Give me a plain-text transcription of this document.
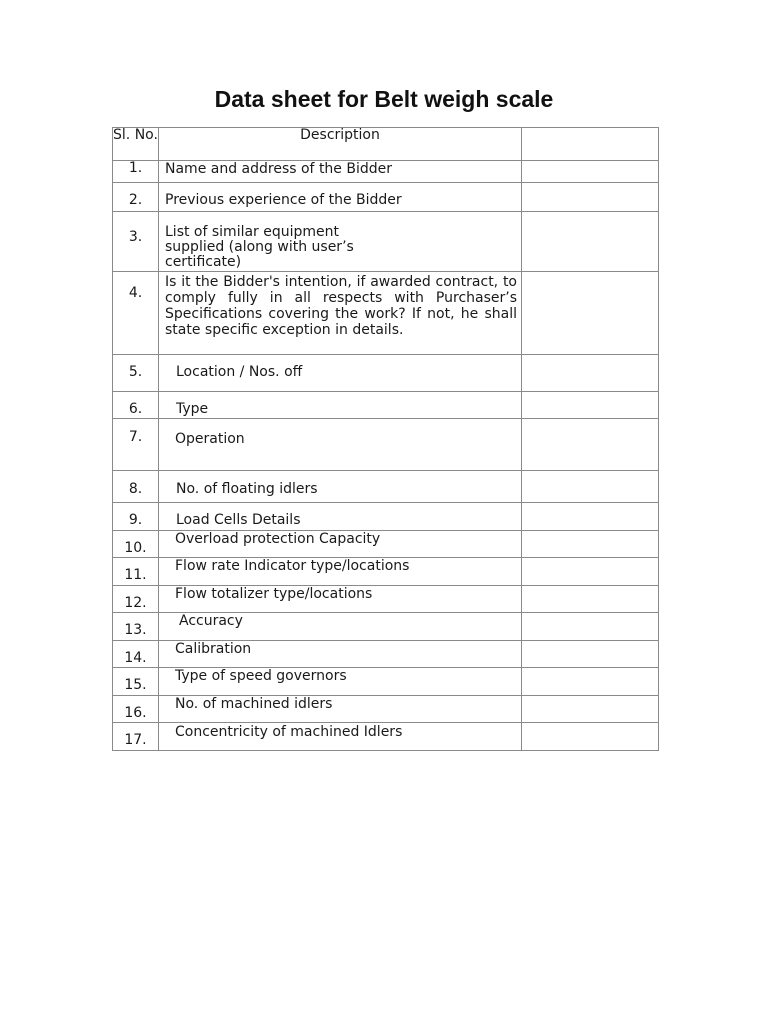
Data sheet for Belt weigh scale
Sl. No.	Description	
1.	Name and address of the Bidder	

2.	Previous experience of the Bidder	

3.	List of similar equipment supplied (along with user’s certificate)	

4.	Is it the Bidder's intention, if awarded contract, to comply fully in all respects with Purchaser’s Specifications covering the work? If not, he shall state specific exception in details.	

5.	Location / Nos. off	

6.	Type	

7.	Operation	

8.	No. of floating idlers	

9.	Load Cells Details	

10.	Overload protection Capacity	

11.	Flow rate Indicator type/locations	

12.	Flow totalizer type/locations	

13.	Accuracy	

14.	Calibration	

15.	Type of speed governors	

16.	No. of machined idlers	

17.	Concentricity of machined Idlers	
